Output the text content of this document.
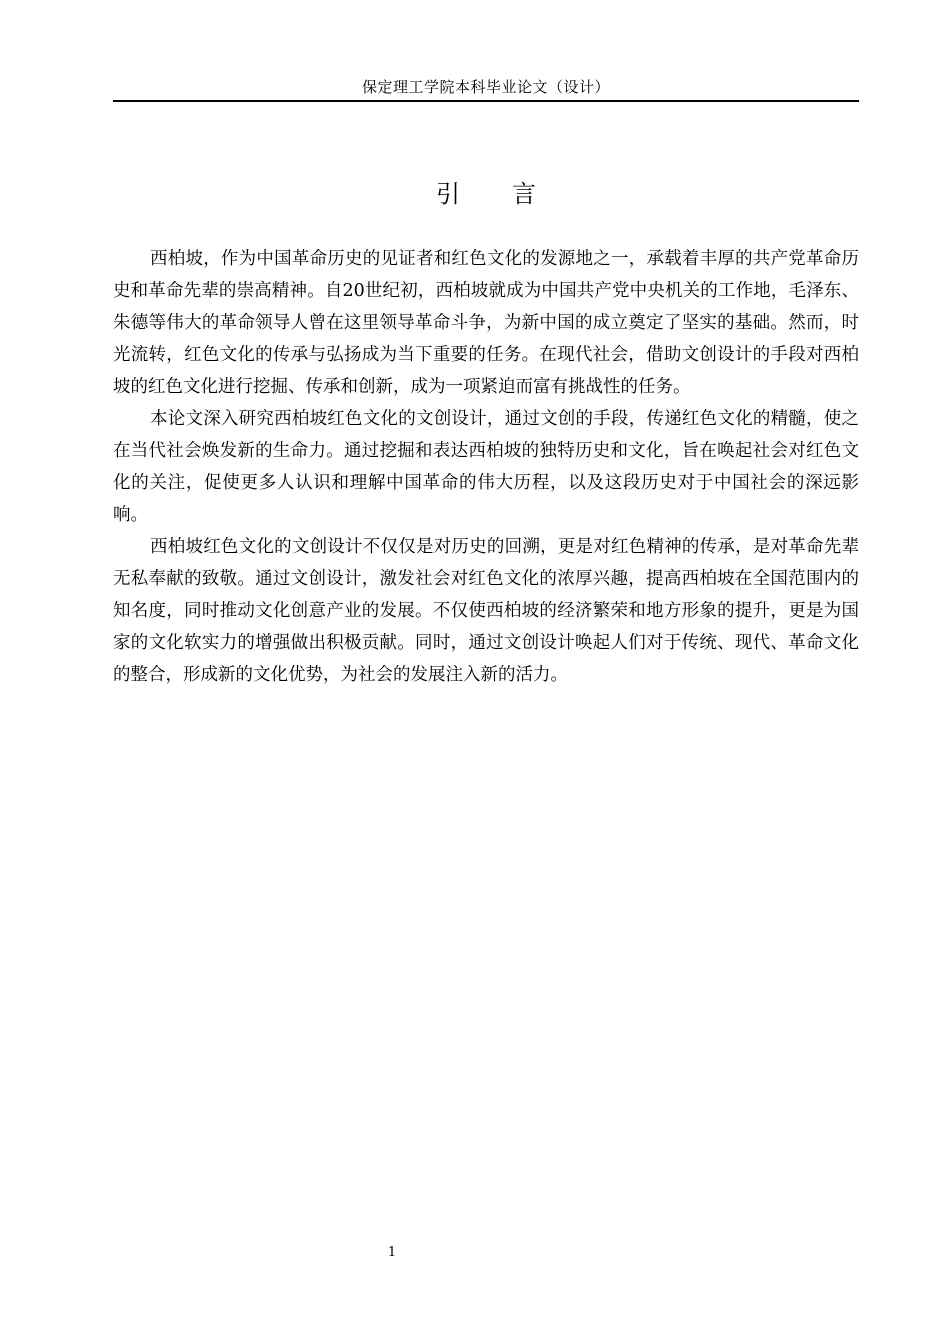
保定理工学院本科毕业论文（设计）
引 言

西柏坡，作为中国革命历史的见证者和红色文化的发源地之一，承载着丰厚的共产党革命历史和革命先辈的崇高精神。自20世纪初，西柏坡就成为中国共产党中央机关的工作地，毛泽东、朱德等伟大的革命领导人曾在这里领导革命斗争，为新中国的成立奠定了坚实的基础。然而，时光流转，红色文化的传承与弘扬成为当下重要的任务。在现代社会，借助文创设计的手段对西柏坡的红色文化进行挖掘、传承和创新，成为一项紧迫而富有挑战性的任务。

本论文深入研究西柏坡红色文化的文创设计，通过文创的手段，传递红色文化的精髓，使之在当代社会焕发新的生命力。通过挖掘和表达西柏坡的独特历史和文化，旨在唤起社会对红色文化的关注，促使更多人认识和理解中国革命的伟大历程，以及这段历史对于中国社会的深远影响。

西柏坡红色文化的文创设计不仅仅是对历史的回溯，更是对红色精神的传承，是对革命先辈无私奉献的致敬。通过文创设计，激发社会对红色文化的浓厚兴趣，提高西柏坡在全国范围内的知名度，同时推动文化创意产业的发展。不仅使西柏坡的经济繁荣和地方形象的提升，更是为国家的文化软实力的增强做出积极贡献。同时，通过文创设计唤起人们对于传统、现代、革命文化的整合，形成新的文化优势，为社会的发展注入新的活力。

1
